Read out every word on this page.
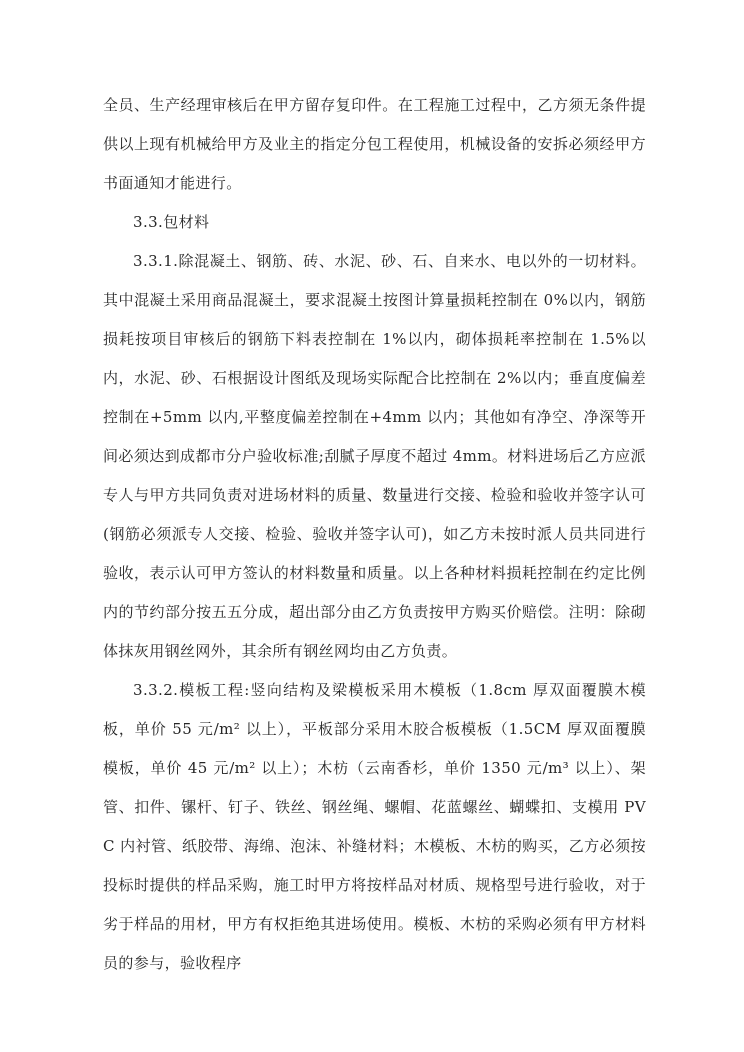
全员、生产经理审核后在甲方留存复印件。在工程施工过程中，乙方须无条件提供以上现有机械给甲方及业主的指定分包工程使用，机械设备的安拆必须经甲方书面通知才能进行。

3.3.包材料

3.3.1.除混凝土、钢筋、砖、水泥、砂、石、自来水、电以外的一切材料。其中混凝土采用商品混凝土，要求混凝土按图计算量损耗控制在 0%以内，钢筋损耗按项目审核后的钢筋下料表控制在 1%以内，砌体损耗率控制在 1.5%以内，水泥、砂、石根据设计图纸及现场实际配合比控制在 2%以内；垂直度偏差控制在+5mm 以内,平整度偏差控制在+4mm 以内；其他如有净空、净深等开间必须达到成都市分户验收标准;刮腻子厚度不超过 4mm。材料进场后乙方应派专人与甲方共同负责对进场材料的质量、数量进行交接、检验和验收并签字认可(钢筋必须派专人交接、检验、验收并签字认可)，如乙方未按时派人员共同进行验收，表示认可甲方签认的材料数量和质量。以上各种材料损耗控制在约定比例内的节约部分按五五分成，超出部分由乙方负责按甲方购买价赔偿。注明：除砌体抹灰用钢丝网外，其余所有钢丝网均由乙方负责。

3.3.2.模板工程:竖向结构及梁模板采用木模板（1.8cm 厚双面覆膜木模板，单价 55 元/m² 以上），平板部分采用木胶合板模板（1.5CM 厚双面覆膜模板，单价 45 元/m² 以上）；木枋（云南香杉，单价 1350 元/m³ 以上）、架管、扣件、镙杆、钉子、铁丝、钢丝绳、螺帽、花蓝螺丝、蝴蝶扣、支模用 PVC 内衬管、纸胶带、海绵、泡沫、补缝材料；木模板、木枋的购买，乙方必须按投标时提供的样品采购，施工时甲方将按样品对材质、规格型号进行验收，对于劣于样品的用材，甲方有权拒绝其进场使用。模板、木枋的采购必须有甲方材料员的参与，验收程序
